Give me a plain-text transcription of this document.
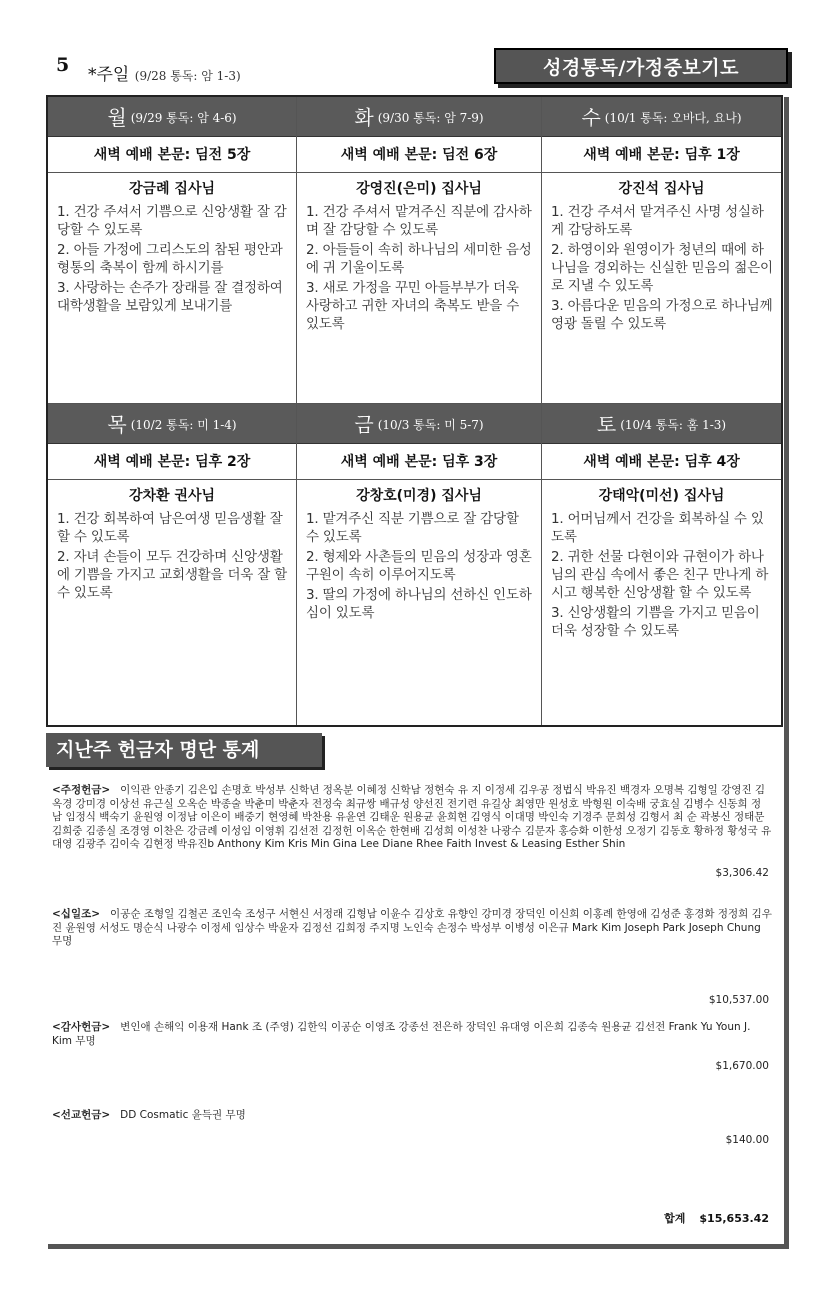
5 *주일 (9/28 통독: 암 1-3)	성경통독/가정중보기도
월 (9/29 통독: 암 4-6)
새벽 예배 본문: 딤전 5장
강금례 집사님

1. 건강 주셔서 기쁨으로 신앙생활 잘 감당할 수 있도록

2. 아들 가정에 그리스도의 참된 평안과 형통의 축복이 함께 하시기를

3. 사랑하는 손주가 장래를 잘 결정하여 대학생활을 보람있게 보내기를

화 (9/30 통독: 암 7-9)
새벽 예배 본문: 딤전 6장
강영진(은미) 집사님

1. 건강 주셔서 맡겨주신 직분에 감사하며 잘 감당할 수 있도록

2. 아들들이 속히 하나님의 세미한 음성에 귀 기울이도록

3. 새로 가정을 꾸민 아들부부가 더욱 사랑하고 귀한 자녀의 축복도 받을 수 있도록

수 (10/1 통독: 오바다, 요나)
새벽 예배 본문: 딤후 1장
강진석 집사님

1. 건강 주셔서 맡겨주신 사명 성실하게 감당하도록

2. 하영이와 원영이가 청년의 때에 하나님을 경외하는 신실한 믿음의 젊은이로 지낼 수 있도록

3. 아름다운 믿음의 가정으로 하나님께 영광 돌릴 수 있도록

목 (10/2 통독: 미 1-4)
새벽 예배 본문: 딤후 2장
강차환 권사님

1. 건강 회복하여 남은여생 믿음생활 잘할 수 있도록

2. 자녀 손들이 모두 건강하며 신앙생활에 기쁨을 가지고 교회생활을 더욱 잘 할 수 있도록

금 (10/3 통독: 미 5-7)
새벽 예배 본문: 딤후 3장
강창호(미경) 집사님

1. 맡겨주신 직분 기쁨으로 잘 감당할 수 있도록

2. 형제와 사촌들의 믿음의 성장과 영혼구원이 속히 이루어지도록

3. 딸의 가정에 하나님의 선하신 인도하심이 있도록

토 (10/4 통독: 홈 1-3)
새벽 예배 본문: 딤후 4장
강태악(미선) 집사님

1. 어머님께서 건강을 회복하실 수 있도록

2. 귀한 선물 다현이와 규현이가 하나님의 관심 속에서 좋은 친구 만나게 하시고 행복한 신앙생활 할 수 있도록

3. 신앙생활의 기쁨을 가지고 믿음이 더욱 성장할 수 있도록

지난주 헌금자 명단 통계
<주정헌금> 이익관 안종기 김은입 손명호 박성부 신학년 정옥분 이혜정 신학남 정현숙 유 지 이정세 김우공 정법식 박유진 백경자 오명복 김형일 강영진 김옥경 강미경 이상선 유근실 오옥순 박종술 박춘미 박춘자 전정숙 최규쌍 배규성 양선진 전기련 유길상 최영만 원성호 박형원 이숙배 궁효실 김병수 신동희 정 남 임정식 백숙기 윤원영 이정남 이은이 배중기 현영혜 박찬용 유윤연 김태운 원용균 윤희현 김영식 이대명 박인숙 기경주 문희성 김형서 최 순 곽봉신 정태문 김희중 김종실 조경영 이찬은 강금례 이성임 이영휘 김선전 김정헌 이옥순 한현배 김성희 이성찬 나광수 김문자 홍승화 이한성 오정기 김동호 황하정 황성국 유대영 김광주 김이숙 김현정 박유진b Anthony Kim Kris Min Gina Lee Diane Rhee Faith Invest & Leasing Esther Shin
$3,306.42
<십일조> 이공순 조형일 김철곤 조인숙 조성구 서현신 서정래 김형남 이윤수 김상호 유향인 강미경 장덕인 이신희 이홍례 한영애 김성준 홍경화 정정희 김우진 윤원영 서성도 명순식 나광수 이정세 임상수 박윤자 김정선 김희정 주지명 노인숙 손정수 박성부 이병성 이은규 Mark Kim Joseph Park Joseph Chung 무명
$10,537.00
<감사헌금> 변인애 손해익 이용재 Hank 조 (주영) 김한익 이공순 이영조 강종선 전은하 장덕인 유대영 이은희 김종숙 원용균 김선전 Frank Yu Youn J. Kim 무명
$1,670.00
<선교헌금> DD Cosmatic 윤득권 무명
$140.00
합계 $15,653.42
